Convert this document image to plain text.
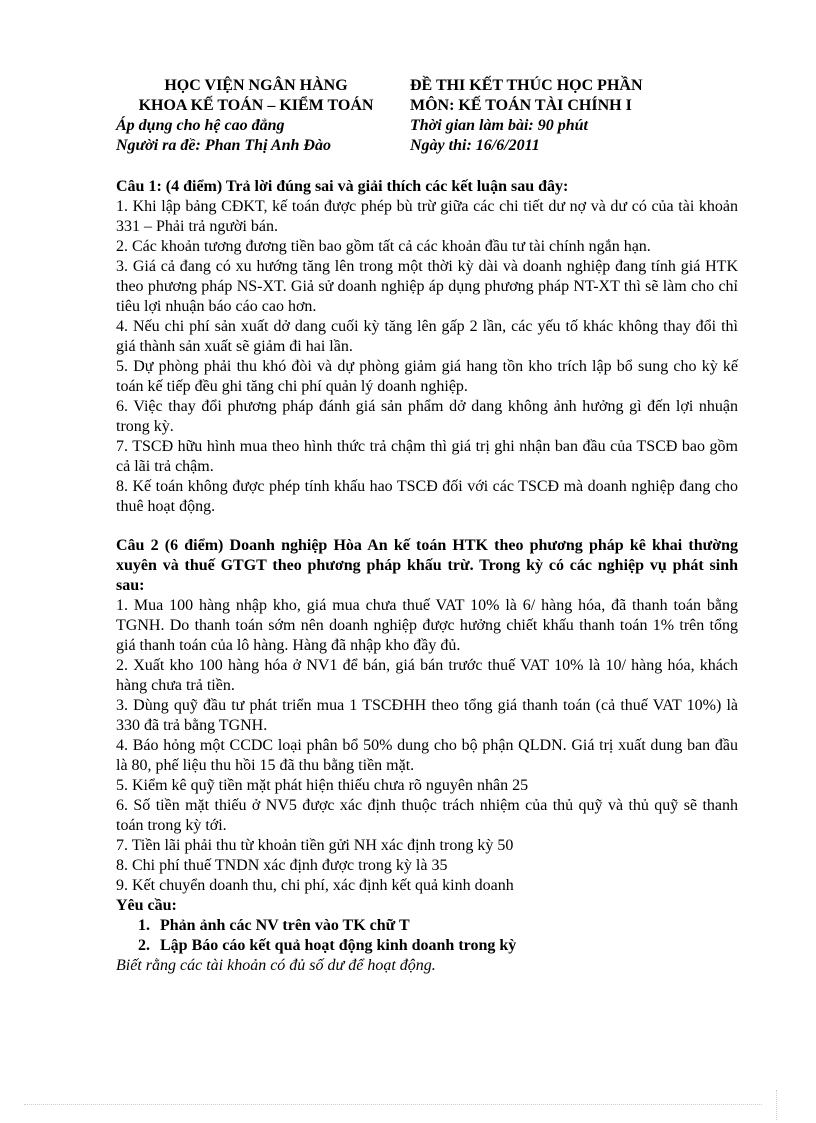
HỌC VIỆN NGÂN HÀNG	ĐỀ THI KẾT THÚC HỌC PHẦN
KHOA KẾ TOÁN – KIỂM TOÁN	MÔN: KẾ TOÁN TÀI CHÍNH I
Áp dụng cho hệ cao đẳng	Thời gian làm bài: 90 phút
Người ra đề: Phan Thị Anh Đào	Ngày thi: 16/6/2011

Câu 1: (4 điểm) Trả lời đúng sai và giải thích các kết luận sau đây:

1. Khi lập bảng CĐKT, kế toán được phép bù trừ giữa các chi tiết dư nợ và dư có của tài khoản 331 – Phải trả người bán.

2. Các khoản tương đương tiền bao gồm tất cả các khoản đầu tư tài chính ngắn hạn.

3. Giá cả đang có xu hướng tăng lên trong một thời kỳ dài và doanh nghiệp đang tính giá HTK theo phương pháp NS-XT. Giả sử doanh nghiệp áp dụng phương pháp NT-XT thì sẽ làm cho chỉ tiêu lợi nhuận báo cáo cao hơn.

4. Nếu chi phí sản xuất dở dang cuối kỳ tăng lên gấp 2 lần, các yếu tố khác không thay đổi thì giá thành sản xuất sẽ giảm đi hai lần.

5. Dự phòng phải thu khó đòi và dự phòng giảm giá hang tồn kho trích lập bổ sung cho kỳ kế toán kế tiếp đều ghi tăng chi phí quản lý doanh nghiệp.

6. Việc thay đổi phương pháp đánh giá sản phẩm dở dang không ảnh hưởng gì đến lợi nhuận trong kỳ.

7. TSCĐ hữu hình mua theo hình thức trả chậm thì giá trị ghi nhận ban đầu của TSCĐ bao gồm cả lãi trả chậm.

8. Kế toán không được phép tính khấu hao TSCĐ đối với các TSCĐ mà doanh nghiệp đang cho thuê hoạt động.

Câu 2 (6 điểm) Doanh nghiệp Hòa An kế toán HTK theo phương pháp kê khai thường xuyên và thuế GTGT theo phương pháp khấu trừ. Trong kỳ có các nghiệp vụ phát sinh sau:

1. Mua 100 hàng nhập kho, giá mua chưa thuế VAT 10% là 6/ hàng hóa, đã thanh toán bằng TGNH. Do thanh toán sớm nên doanh nghiệp được hưởng chiết khấu thanh toán 1% trên tổng giá thanh toán của lô hàng. Hàng đã nhập kho đầy đủ.

2. Xuất kho 100 hàng hóa ở NV1 để bán, giá bán trước thuế VAT 10% là 10/ hàng hóa, khách hàng chưa trả tiền.

3. Dùng quỹ đầu tư phát triển mua 1 TSCĐHH theo tổng giá thanh toán (cả thuế VAT 10%) là 330 đã trả bằng TGNH.

4. Báo hỏng một CCDC loại phân bổ 50% dung cho bộ phận QLDN. Giá trị xuất dung ban đầu là 80, phế liệu thu hồi 15 đã thu bằng tiền mặt.

5. Kiểm kê quỹ tiền mặt phát hiện thiếu chưa rõ nguyên nhân 25

6. Số tiền mặt thiếu ở NV5 được xác định thuộc trách nhiệm của thủ quỹ và thủ quỹ sẽ thanh toán trong kỳ tới.

7. Tiền lãi phải thu từ khoản tiền gửi NH xác định trong kỳ 50

8. Chi phí thuế TNDN xác định được trong kỳ là 35

9. Kết chuyển doanh thu, chi phí, xác định kết quả kinh doanh

Yêu cầu:

1. Phản ảnh các NV trên vào TK chữ T

2. Lập Báo cáo kết quả hoạt động kinh doanh trong kỳ

Biết rằng các tài khoản có đủ số dư để hoạt động.
